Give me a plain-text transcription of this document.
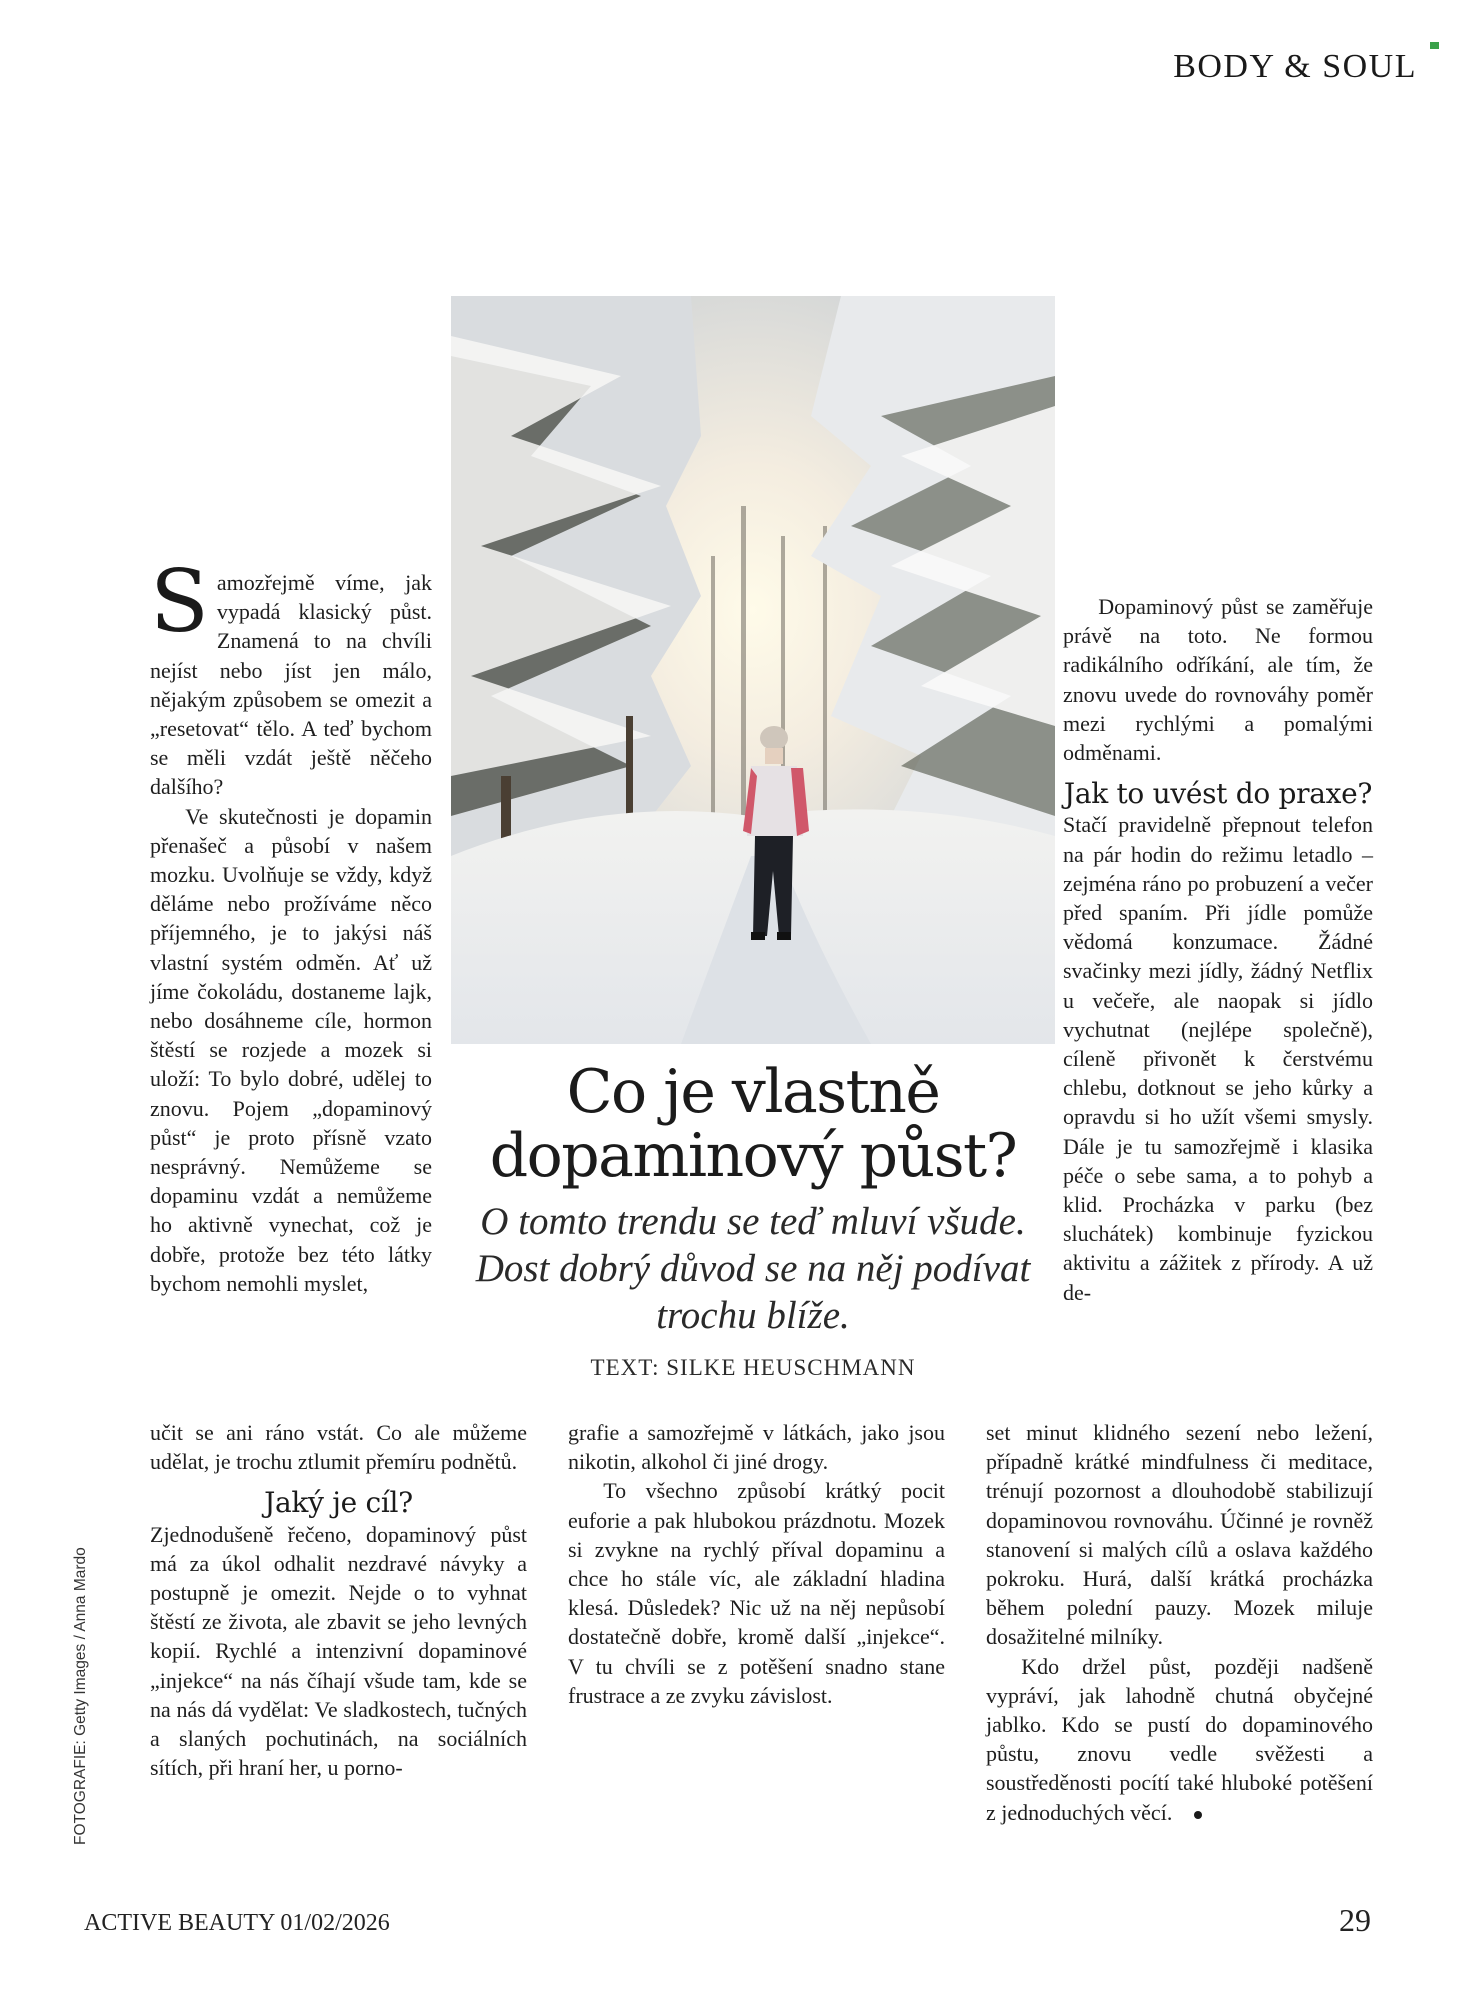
BODY & SOUL

Samozřejmě víme, jak vypadá klasický půst. Znamená to na chvíli nejíst nebo jíst jen málo, nějakým způsobem se omezit a „resetovat“ tělo. A teď bychom se měli vzdát ještě něčeho dalšího?

Ve skutečnosti je dopamin přenašeč a působí v našem mozku. Uvolňuje se vždy, když děláme nebo prožíváme něco příjemného, je to jakýsi náš vlastní systém odměn. Ať už jíme čokoládu, dostaneme lajk, nebo dosáhneme cíle, hormon štěstí se rozjede a mozek si uloží: To bylo dobré, udělej to znovu. Pojem „dopaminový půst“ je proto přísně vzato nesprávný. Nemůžeme se dopaminu vzdát a nemůžeme ho aktivně vynechat, což je dobře, protože bez této látky bychom nemohli myslet,

učit se ani ráno vstát. Co ale můžeme udělat, je trochu ztlumit přemíru podnětů.

Jaký je cíl?

Zjednodušeně řečeno, dopaminový půst má za úkol odhalit nezdravé návyky a postupně je omezit. Nejde o to vyhnat štěstí ze života, ale zbavit se jeho levných kopií. Rychlé a intenzivní dopaminové „injekce“ na nás číhají všude tam, kde se na nás dá vydělat: Ve sladkostech, tučných a slaných pochutinách, na sociálních sítích, při hraní her, u porno-

Co je vlastně dopaminový půst?

O tomto trendu se teď mluví všude. Dost dobrý důvod se na něj podívat trochu blíže.

TEXT: SILKE HEUSCHMANN

grafie a samozřejmě v látkách, jako jsou nikotin, alkohol či jiné drogy.

To všechno způsobí krátký pocit euforie a pak hlubokou prázdnotu. Mozek si zvykne na rychlý příval dopaminu a chce ho stále víc, ale základní hladina klesá. Důsledek? Nic už na něj nepůsobí dostatečně dobře, kromě další „injekce“. V tu chvíli se z potěšení snadno stane frustrace a ze zvyku závislost.

Dopaminový půst se zaměřuje právě na toto. Ne formou radikálního odříkání, ale tím, že znovu uvede do rovnováhy poměr mezi rychlými a pomalými odměnami.

Jak to uvést do praxe?

Stačí pravidelně přepnout telefon na pár hodin do režimu letadlo – zejména ráno po probuzení a večer před spaním. Při jídle pomůže vědomá konzumace. Žádné svačinky mezi jídly, žádný Netflix u večeře, ale naopak si jídlo vychutnat (nejlépe společně), cíleně přivonět k čerstvému chlebu, dotknout se jeho kůrky a opravdu si ho užít všemi smysly. Dále je tu samozřejmě i klasika péče o sebe sama, a to pohyb a klid. Procházka v parku (bez sluchátek) kombinuje fyzickou aktivitu a zážitek z přírody. A už de-

set minut klidného sezení nebo ležení, případně krátké mindfulness či meditace, trénují pozornost a dlouhodobě stabilizují dopaminovou rovnováhu. Účinné je rovněž stanovení si malých cílů a oslava každého pokroku. Hurá, další krátká procházka během polední pauzy. Mozek miluje dosažitelné milníky.

Kdo držel půst, později nadšeně vypráví, jak lahodně chutná obyčejné jablko. Kdo se pustí do dopaminového půstu, znovu vedle svěžesti a soustředěnosti pocítí také hluboké potěšení z jednoduchých věcí.

FOTOGRAFIE: Getty Images / Anna Mardo
ACTIVE BEAUTY 01/02/2026	29
